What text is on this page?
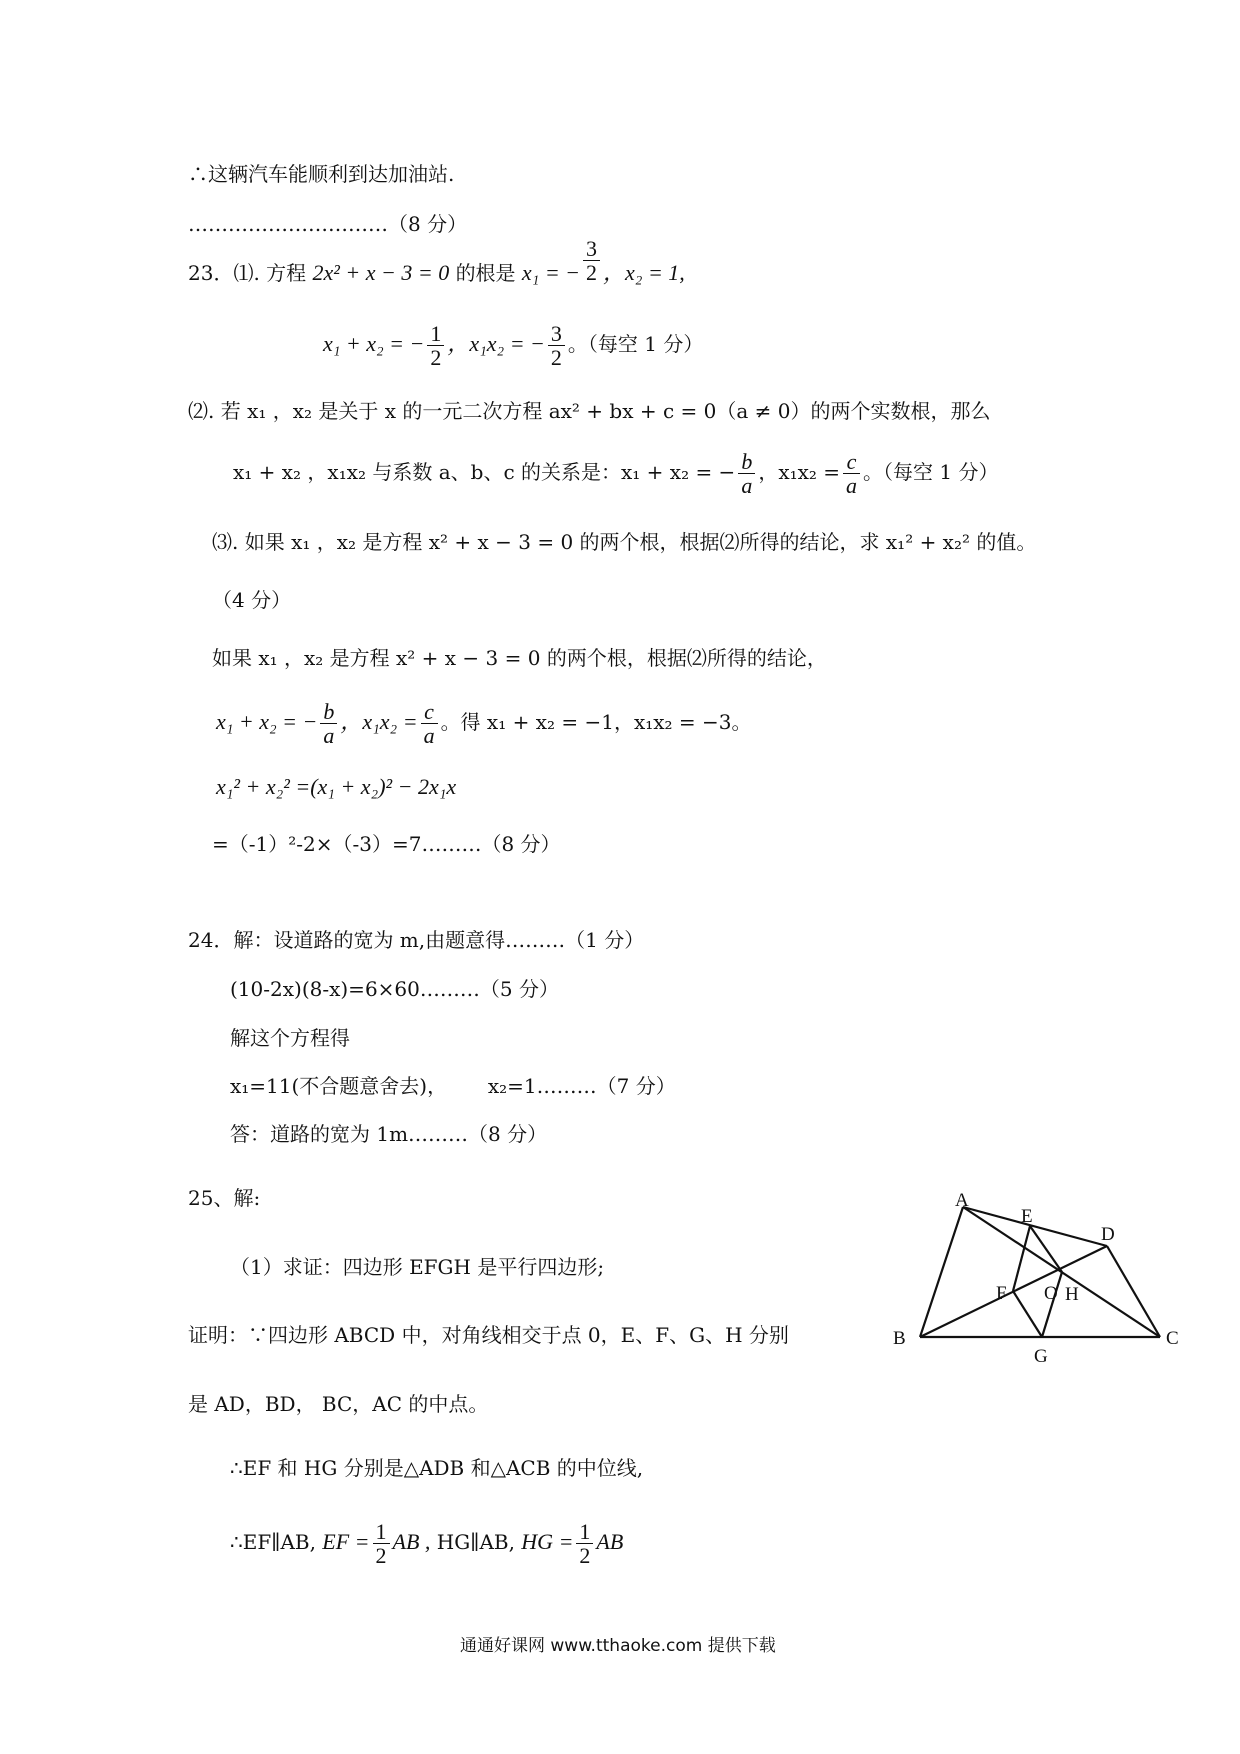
∴这辆汽车能顺利到达加油站.
…………………………（8 分）
23．⑴. 方程 2x² + x − 3 = 0 的根是 x₁ = − $\frac{3}{2}$ ，x₂ = 1,
x₁ + x₂ = − $\frac{1}{2}$ ，x₁x₂ = − $\frac{3}{2}$ 。（每空 1 分）
⑵. 若 x₁ ，x₂ 是关于 x 的一元二次方程 ax² + bx + c = 0（a ≠ 0）的两个实数根，那么
x₁ + x₂ ，x₁x₂ 与系数 a、b、c 的关系是：x₁ + x₂ = − $\frac{b}{a}$ ，$x_1x_2 = \frac{c}{a}$ 。（每空 1 分）
⑶. 如果 x₁ ，x₂ 是方程 x² + x − 3 = 0 的两个根，根据⑵所得的结论，求 x₁² + x₂² 的值。
（4 分）
如果 x₁ ，x₂ 是方程 x² + x − 3 = 0 的两个根，根据⑵所得的结论，
x₁ + x₂ = − $\frac{b}{a}$ ，$x_1x_2 = \frac{c}{a}$ 。得 x₁ + x₂ = −1，x₁x₂ = −3。
x₁² + x₂² =(x₁ + x₂)² − 2x₁x
=（-1）²-2×（-3）=7………（8 分）
24．解：设道路的宽为 m,由题意得………（1 分）
(10-2x)(8-x)=6×60………（5 分）
解这个方程得
x₁=11(不合题意舍去)， x₂=1………（7 分）
答：道路的宽为 1m………（8 分）
25、解:
（1）求证：四边形 EFGH 是平行四边形;
证明：∵四边形 ABCD 中，对角线相交于点 0，E、F、G、H 分别
是 AD，BD， BC，AC 的中点。
∴EF 和 HG 分别是△ADB 和△ACB 的中位线,
∴EF∥AB, EF = $\frac{1}{2}$ AB , HG∥AB, HG = $\frac{1}{2}$ AB
A
B	C
D
E
F
G
H
O
通通好课网 www.tthaoke.com 提供下载
